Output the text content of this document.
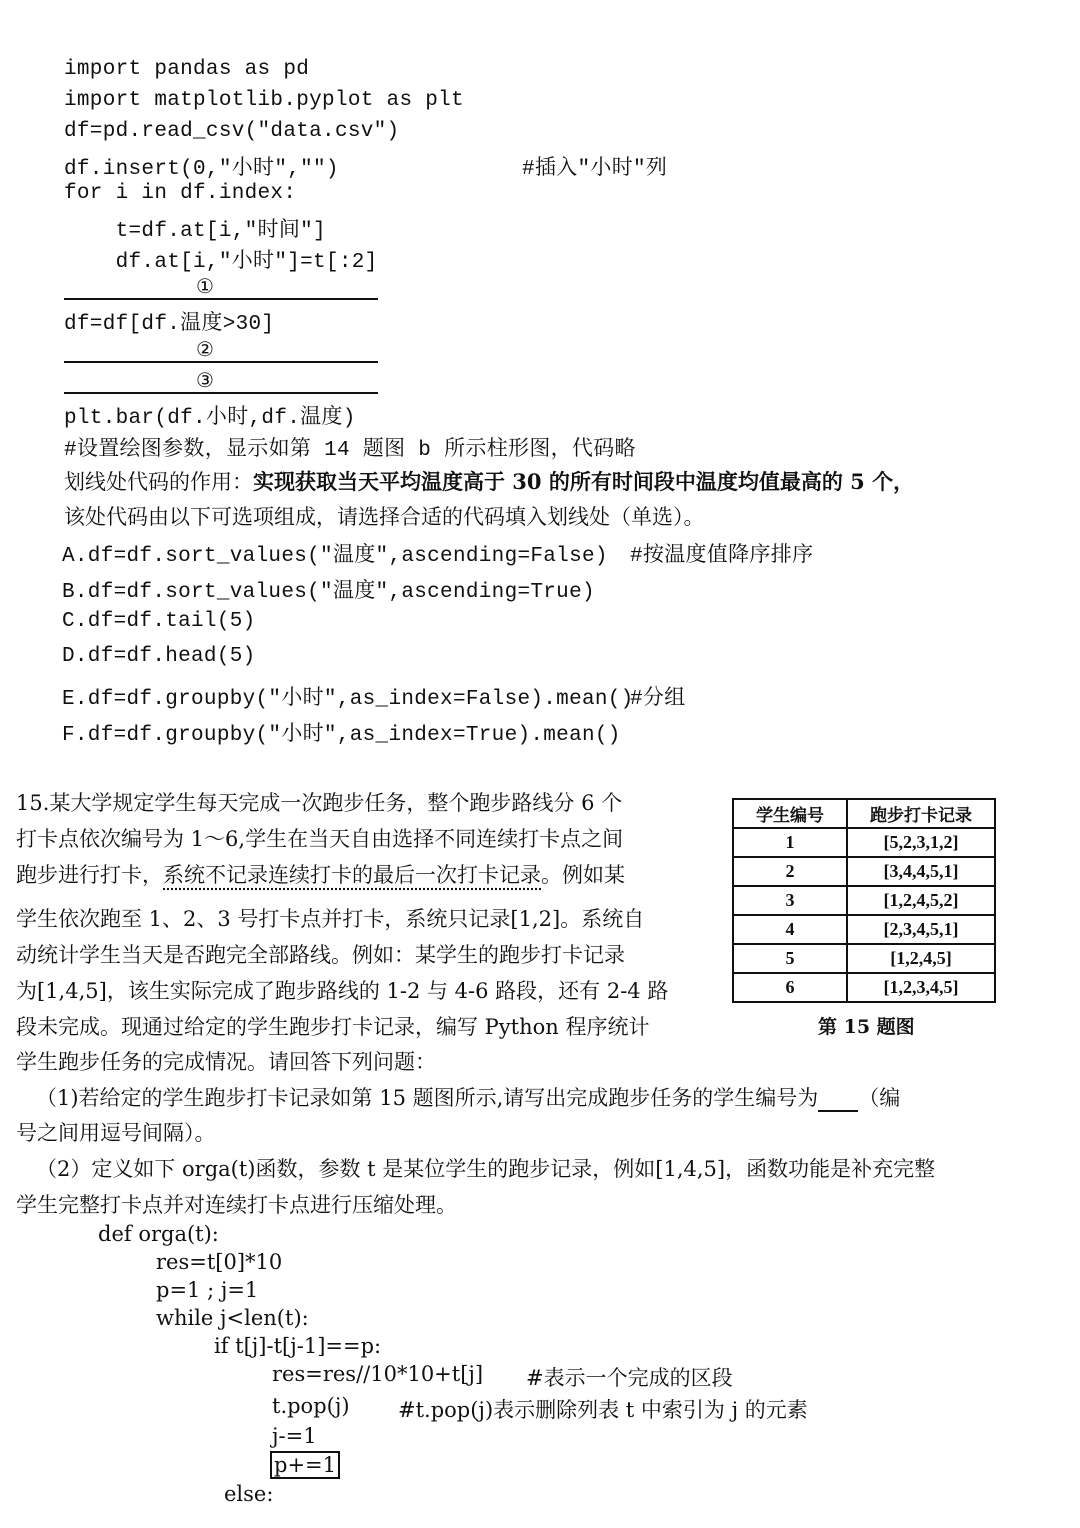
import pandas as pd
import matplotlib.pyplot as plt
df=pd.read_csv("data.csv")
df.insert(0,"小时","")	#插入"小时"列
for i in df.index:
t=df.at[i,"时间"]
df.at[i,"小时"]=t[:2]
①
df=df[df.温度>30]
②
③
plt.bar(df.小时,df.温度)
#设置绘图参数，显示如第 14 题图 b 所示柱形图，代码略
划线处代码的作用：实现获取当天平均温度高于 30 的所有时间段中温度均值最高的 5 个，
该处代码由以下可选项组成，请选择合适的代码填入划线处（单选）。
A.df=df.sort_values("温度",ascending=False) #按温度值降序排序
B.df=df.sort_values("温度",ascending=True)
C.df=df.tail(5)
D.df=df.head(5)
E.df=df.groupby("小时",as_index=False).mean()
#分组
F.df=df.groupby("小时",as_index=True).mean()
15.某大学规定学生每天完成一次跑步任务，整个跑步路线分 6 个
打卡点依次编号为 1～6,学生在当天自由选择不同连续打卡点之间
跑步进行打卡，系统不记录连续打卡的最后一次打卡记录。例如某
学生依次跑至 1、2、3 号打卡点并打卡，系统只记录[1,2]。系统自
动统计学生当天是否跑完全部路线。例如：某学生的跑步打卡记录
为[1,4,5]，该生实际完成了跑步路线的 1-2 与 4-6 路段，还有 2-4 路
段未完成。现通过给定的学生跑步打卡记录，编写 Python 程序统计
学生跑步任务的完成情况。请回答下列问题：
学生编号	跑步打卡记录
1	[5,2,3,1,2]
2	[3,4,4,5,1]
3	[1,2,4,5,2]
4	[2,3,4,5,1]
5	[1,2,4,5]
6	[1,2,3,4,5]
第 15 题图
（1)若给定的学生跑步打卡记录如第 15 题图所示,请写出完成跑步任务的学生编号为 （编
号之间用逗号间隔）。
（2）定义如下 orga(t)函数，参数 t 是某位学生的跑步记录，例如[1,4,5]，函数功能是补充完整
学生完整打卡点并对连续打卡点进行压缩处理。
def orga(t):
res=t[0]*10
p=1 ; j=1
while j<len(t):
if t[j]-t[j-1]==p:
res=res//10*10+t[j] #表示一个完成的区段
t.pop(j) #t.pop(j)表示删除列表 t 中索引为 j 的元素
j-=1
p+=1
else:
